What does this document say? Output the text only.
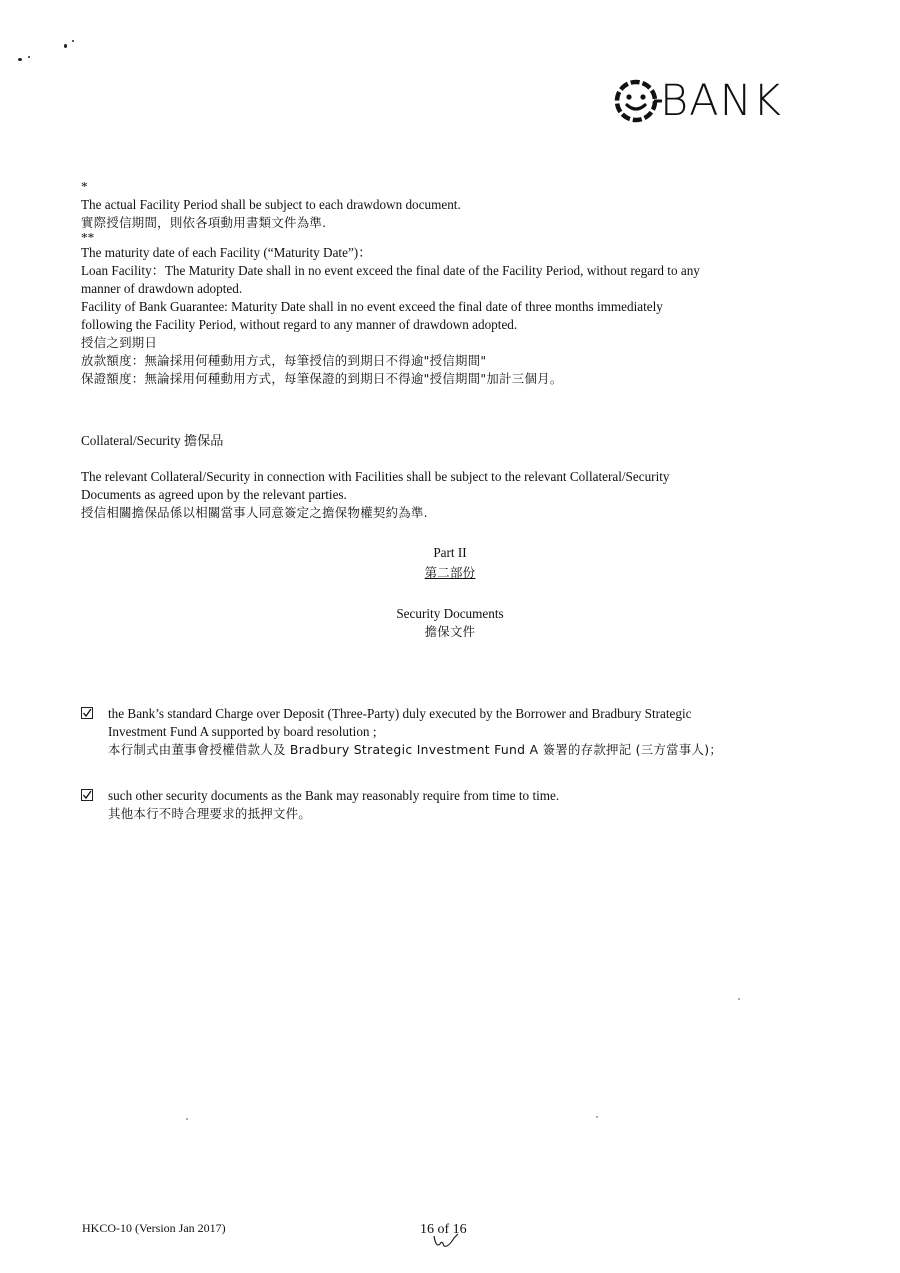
BANK
*
The actual Facility Period shall be subject to each drawdown document.
實際授信期間，則依各項動用書類文件為準.
**
The maturity date of each Facility (“Maturity Date”)：
Loan Facility：The Maturity Date shall in no event exceed the final date of the Facility Period, without regard to any
manner of drawdown adopted.
Facility of Bank Guarantee: Maturity Date shall in no event exceed the final date of three months immediately
following the Facility Period, without regard to any manner of drawdown adopted.
授信之到期日
放款額度：無論採用何種動用方式，每筆授信的到期日不得逾"授信期間"
保證額度：無論採用何種動用方式，每筆保證的到期日不得逾"授信期間"加計三個月。
Collateral/Security 擔保品
The relevant Collateral/Security in connection with Facilities shall be subject to the relevant Collateral/Security
Documents as agreed upon by the relevant parties.
授信相關擔保品係以相關當事人同意簽定之擔保物權契約為準.
Part II
第二部份
Security Documents
擔保文件
the Bank’s standard Charge over Deposit (Three-Party) duly executed by the Borrower and Bradbury Strategic
Investment Fund A supported by board resolution ;
本行制式由董事會授權借款人及 Bradbury Strategic Investment Fund A 簽署的存款押記 (三方當事人)；
such other security documents as the Bank may reasonably require from time to time.
其他本行不時合理要求的抵押文件。
HKCO-10 (Version Jan 2017)	16 of 16
